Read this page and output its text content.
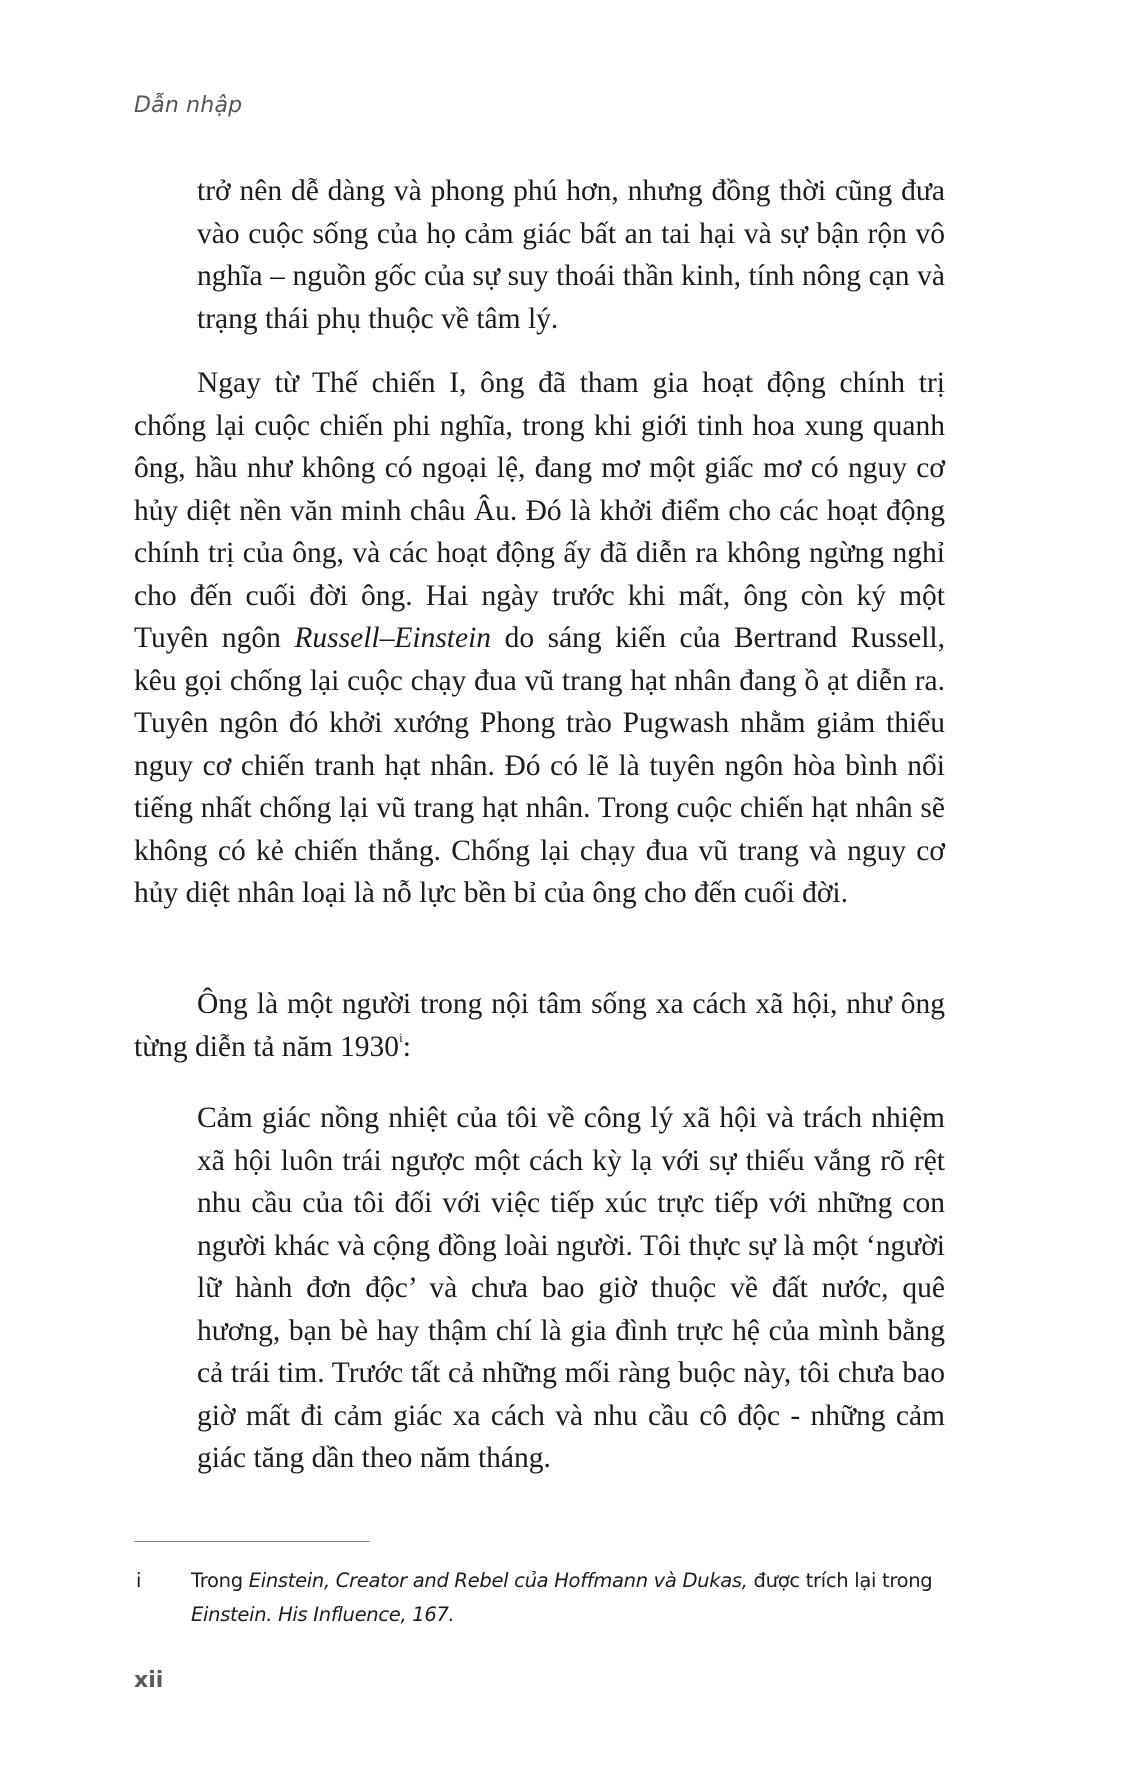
Dẫn nhập

trở nên dễ dàng và phong phú hơn, nhưng đồng thời cũng đưa vào cuộc sống của họ cảm giác bất an tai hại và sự bận rộn vô nghĩa – nguồn gốc của sự suy thoái thần kinh, tính nông cạn và trạng thái phụ thuộc về tâm lý.

Ngay từ Thế chiến I, ông đã tham gia hoạt động chính trị chống lại cuộc chiến phi nghĩa, trong khi giới tinh hoa xung quanh ông, hầu như không có ngoại lệ, đang mơ một giấc mơ có nguy cơ hủy diệt nền văn minh châu Âu. Đó là khởi điểm cho các hoạt động chính trị của ông, và các hoạt động ấy đã diễn ra không ngừng nghỉ cho đến cuối đời ông. Hai ngày trước khi mất, ông còn ký một Tuyên ngôn Russell–Einstein do sáng kiến của Bertrand Russell, kêu gọi chống lại cuộc chạy đua vũ trang hạt nhân đang ồ ạt diễn ra. Tuyên ngôn đó khởi xướng Phong trào Pugwash nhằm giảm thiểu nguy cơ chiến tranh hạt nhân. Đó có lẽ là tuyên ngôn hòa bình nổi tiếng nhất chống lại vũ trang hạt nhân. Trong cuộc chiến hạt nhân sẽ không có kẻ chiến thắng. Chống lại chạy đua vũ trang và nguy cơ hủy diệt nhân loại là nỗ lực bền bỉ của ông cho đến cuối đời.

Ông là một người trong nội tâm sống xa cách xã hội, như ông từng diễn tả năm 1930$^i$:

Cảm giác nồng nhiệt của tôi về công lý xã hội và trách nhiệm xã hội luôn trái ngược một cách kỳ lạ với sự thiếu vắng rõ rệt nhu cầu của tôi đối với việc tiếp xúc trực tiếp với những con người khác và cộng đồng loài người. Tôi thực sự là một ‘người lữ hành đơn độc’ và chưa bao giờ thuộc về đất nước, quê hương, bạn bè hay thậm chí là gia đình trực hệ của mình bằng cả trái tim. Trước tất cả những mối ràng buộc này, tôi chưa bao giờ mất đi cảm giác xa cách và nhu cầu cô độc - những cảm giác tăng dần theo năm tháng.

i	Trong Einstein, Creator and Rebel của Hoffmann và Dukas, được trích lại trong Einstein. His Influence, 167.
xii
